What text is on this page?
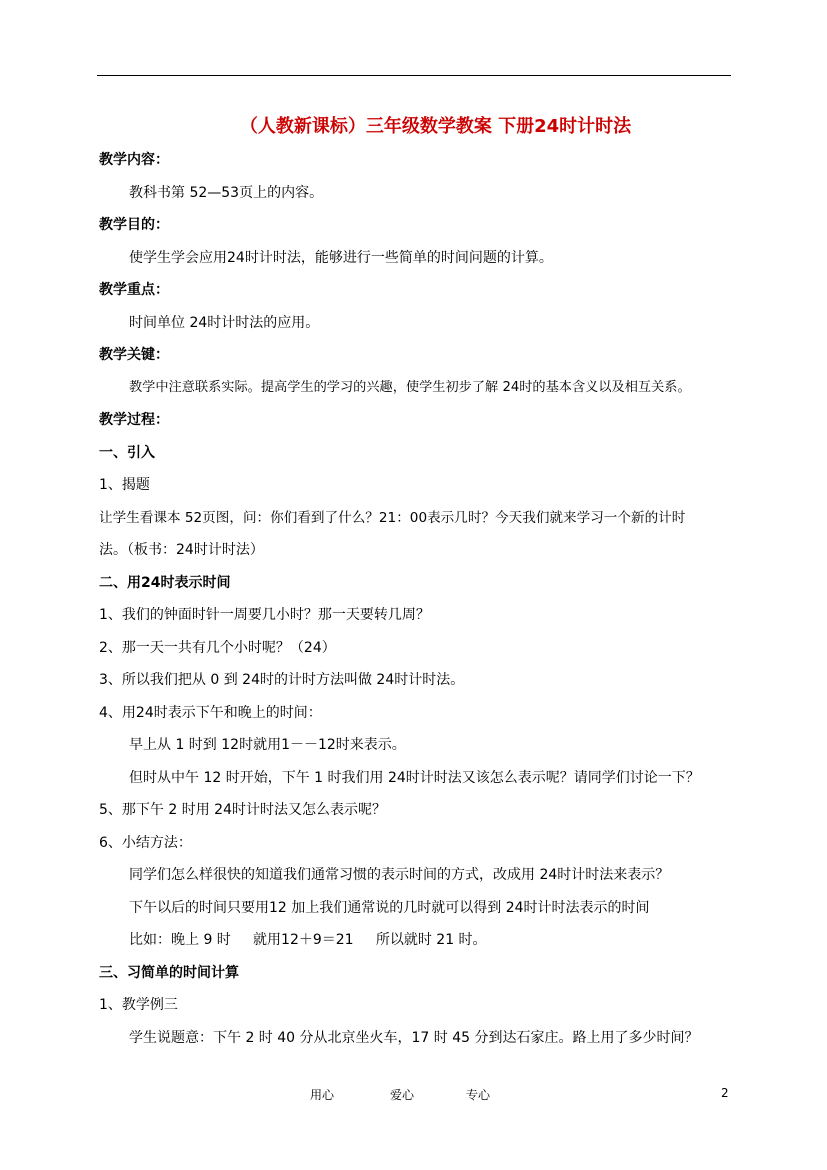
（人教新课标）三年级数学教案 下册24时计时法
教学内容：
教科书第 52—53页上的内容。
教学目的：
使学生学会应用24时计时法，能够进行一些简单的时间问题的计算。
教学重点：
时间单位 24时计时法的应用。
教学关键：
教学中注意联系实际。提高学生的学习的兴趣，使学生初步了解 24时的基本含义以及相互关系。
教学过程：
一、引入
1、揭题
让学生看课本 52页图，问：你们看到了什么？21：00表示几时？今天我们就来学习一个新的计时
法。（板书：24时计时法）
二、用24时表示时间
1、我们的钟面时针一周要几小时？那一天要转几周？
2、那一天一共有几个小时呢？（24）
3、所以我们把从 0 到 24时的计时方法叫做 24时计时法。
4、用24时表示下午和晚上的时间：
早上从 1 时到 12时就用1－－12时来表示。
但时从中午 12 时开始，下午 1 时我们用 24时计时法又该怎么表示呢？请同学们讨论一下？
5、那下午 2 时用 24时计时法又怎么表示呢？
6、小结方法：
同学们怎么样很快的知道我们通常习惯的表示时间的方式，改成用 24时计时法来表示？
下午以后的时间只要用12 加上我们通常说的几时就可以得到 24时计时法表示的时间
比如：晚上 9 时     就用12＋9＝21     所以就时 21 时。
三、习简单的时间计算
1、教学例三
学生说题意：下午 2 时 40 分从北京坐火车，17 时 45 分到达石家庄。路上用了多少时间？
用心	爱心	专心	2
